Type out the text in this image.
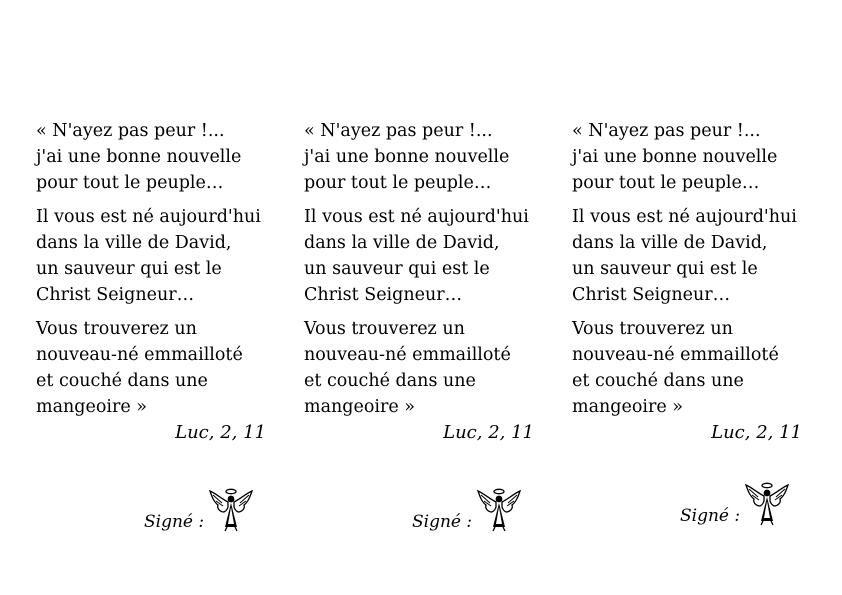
« N'ayez pas peur !...
j'ai une bonne nouvelle
pour tout le peuple…
Il vous est né aujourd'hui
dans la ville de David,
un sauveur qui est le
Christ Seigneur…
Vous trouverez un
nouveau-né emmailloté
et couché dans une
mangeoire »
Luc, 2, 11
Signé :
« N'ayez pas peur !...
j'ai une bonne nouvelle
pour tout le peuple…
Il vous est né aujourd'hui
dans la ville de David,
un sauveur qui est le
Christ Seigneur…
Vous trouverez un
nouveau-né emmailloté
et couché dans une
mangeoire »
Luc, 2, 11
Signé :
« N'ayez pas peur !...
j'ai une bonne nouvelle
pour tout le peuple…
Il vous est né aujourd'hui
dans la ville de David,
un sauveur qui est le
Christ Seigneur…
Vous trouverez un
nouveau-né emmailloté
et couché dans une
mangeoire »
Luc, 2, 11
Signé :
